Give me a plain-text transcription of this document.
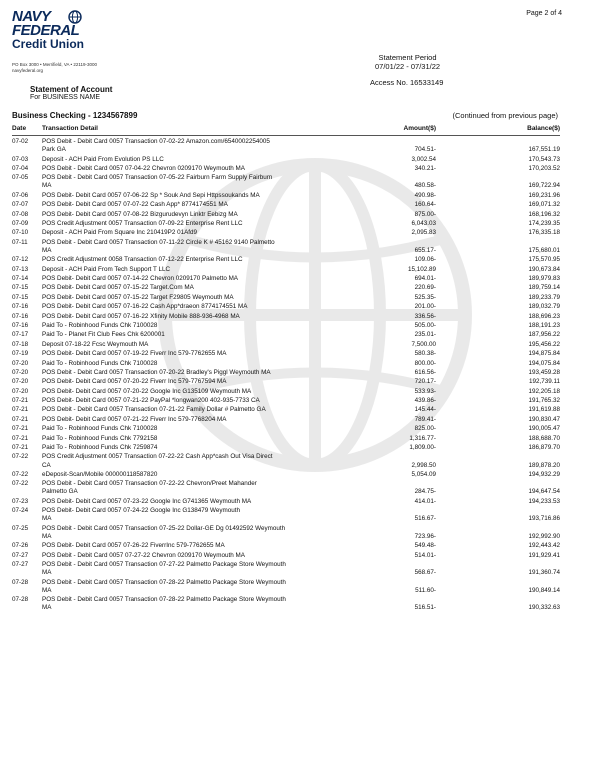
Page 2 of 4
NAVY
FEDERAL
Credit Union
PO Box 3000 • Merrifield, VA • 22119-3000
navyfederal.org
Statement Period
07/01/22 - 07/31/22
Access No. 16533149
Statement of Account
For BUSINESS NAME
Business Checking - 1234567899	(Continued from previous page)
Date Transaction Detail	Amount($)	Balance($)
07-02 POS Debit - Debit Card 0057 Transaction 07-02-22 Amazon.com/6540002254005
Park GA	704.51-	167,551.19
07-03 Deposit - ACH Paid From Evolution PS LLC	3,002.54	170,543.73
07-04 POS Debit - Debit Card 0057 07-04-22 Chevron 0209170 Weymouth MA	340.21-	170,203.52
07-05 POS Debit - Debit Card 0057 Transaction 07-05-22 Fairburn Farm Supply Fairburn
MA	480.58-	169,722.94
07-06 POS Debit- Debit Card 0057 07-06-22 Sp * Souk And Sepi Httpssoukands MA	490.98-	169,231.96
07-07 POS Debit- Debit Card 0057 07-07-22 Cash App* 8774174551 MA	160.64-	169,071.32
07-08 POS Debit- Debit Card 0057 07-08-22 Bizgurudevyn Linktr Eebizg MA	875.00-	168,196.32
07-09 POS Credit Adjustment 0057 Transaction 07-09-22 Enterprise Rent LLC	6,043.03	174,239.35
07-10 Deposit - ACH Paid From Square Inc 210419P2 01Afd9	2,095.83	176,335.18
07-11 POS Debit - Debit Card 0057 Transaction 07-11-22 Circle K # 45162 9140 Palmetto
MA	655.17-	175,680.01
07-12 POS Credit Adjustment 0058 Transaction 07-12-22 Enterprise Rent LLC	109.06-	175,570.95
07-13 Deposit - ACH Paid From Tech Support T LLC	15,102.89	190,673.84
07-14 POS Debit- Debit Card 0057 07-14-22 Chevron 0209170 Palmetto MA	694.01-	189,979.83
07-15 POS Debit- Debit Card 0057 07-15-22 Target.Com MA	220.69-	189,759.14
07-15 POS Debit- Debit Card 0057 07-15-22 Target F29805 Weymouth MA	525.35-	189,233.79
07-16 POS Debit- Debit Card 0057 07-16-22 Cash App*draeon 8774174551 MA	201.00-	189,032.79
07-16 POS Debit- Debit Card 0057 07-16-22 Xfinity Mobile 888-936-4968 MA	336.56-	188,696.23
07-16 Paid To - Robinhood Funds Chk 7100028	505.00-	188,191.23
07-17 Paid To - Planet Fit Club Fees Chk 6200001	235.01-	187,956.22
07-18 Deposit 07-18-22 Fcsc Weymouth MA	7,500.00	195,456.22
07-19 POS Debit- Debit Card 0057 07-19-22 Fiverr Inc 579-7762655 MA	580.38-	194,875.84
07-20 Paid To - Robinhood Funds Chk 7100028	800.00-	194,075.84
07-20 POS Debit - Debit Card 0057 Transaction 07-20-22 Bradley's Piggl Weymouth MA	616.56-	193,459.28
07-20 POS Debit- Debit Card 0057 07-20-22 Fiverr Inc 579-7767594 MA	720.17-	192,739.11
07-20 POS Debit- Debit Card 0057 07-20-22 Google Inc G135109 Weymouth MA	533.93-	192,205.18
07-21 POS Debit- Debit Card 0057 07-21-22 PayPal *longwan200 402-935-7733 CA	439.86-	191,765.32
07-21 POS Debit - Debit Card 0057 Transaction 07-21-22 Family Dollar # Palmetto GA	145.44-	191,619.88
07-21 POS Debit- Debit Card 0057 07-21-22 Fiverr Inc 579-7768204 MA	789.41-	190,830.47
07-21 Paid To - Robinhood Funds Chk 7100028	825.00-	190,005.47
07-21 Paid To - Robinhood Funds Chk 7792158	1,316.77-	188,688.70
07-21 Paid To - Robinhood Funds Chk 7259874	1,809.00-	186,879.70
07-22 POS Credit Adjustment 0057 Transaction 07-22-22 Cash App*cash Out Visa Direct
CA	2,998.50	189,878.20
07-22 eDeposit-Scan/Mobile 000000118587820	5,054.09	194,932.29
07-22 POS Debit - Debit Card 0057 Transaction 07-22-22 Chevron/Preet Mahander
Palmetto GA	284.75-	194,647.54
07-23 POS Debit- Debit Card 0057 07-23-22 Google Inc G741365 Weymouth MA	414.01-	194,233.53
07-24 POS Debit- Debit Card 0057 07-24-22 Google Inc G138479 Weymouth
MA	516.67-	193,716.86
07-25 POS Debit - Debit Card 0057 Transaction 07-25-22 Dollar-GE Dg 01492592 Weymouth
MA	723.96-	192,992.90
07-26 POS Debit- Debit Card 0057 07-26-22 FiverrInc 579-7762655 MA	549.48-	192,443.42
07-27 POS Debit - Debit Card 0057 07-27-22 Chevron 0209170 Weymouth MA	514.01-	191,929.41
07-27 POS Debit - Debit Card 0057 Transaction 07-27-22 Palmetto Package Store Weymouth
MA	568.67-	191,360.74
07-28 POS Debit - Debit Card 0057 Transaction 07-28-22 Palmetto Package Store Weymouth
MA	511.60-	190,849.14
07-28 POS Debit - Debit Card 0057 Transaction 07-28-22 Palmetto Package Store Weymouth
MA	516.51-	190,332.63
